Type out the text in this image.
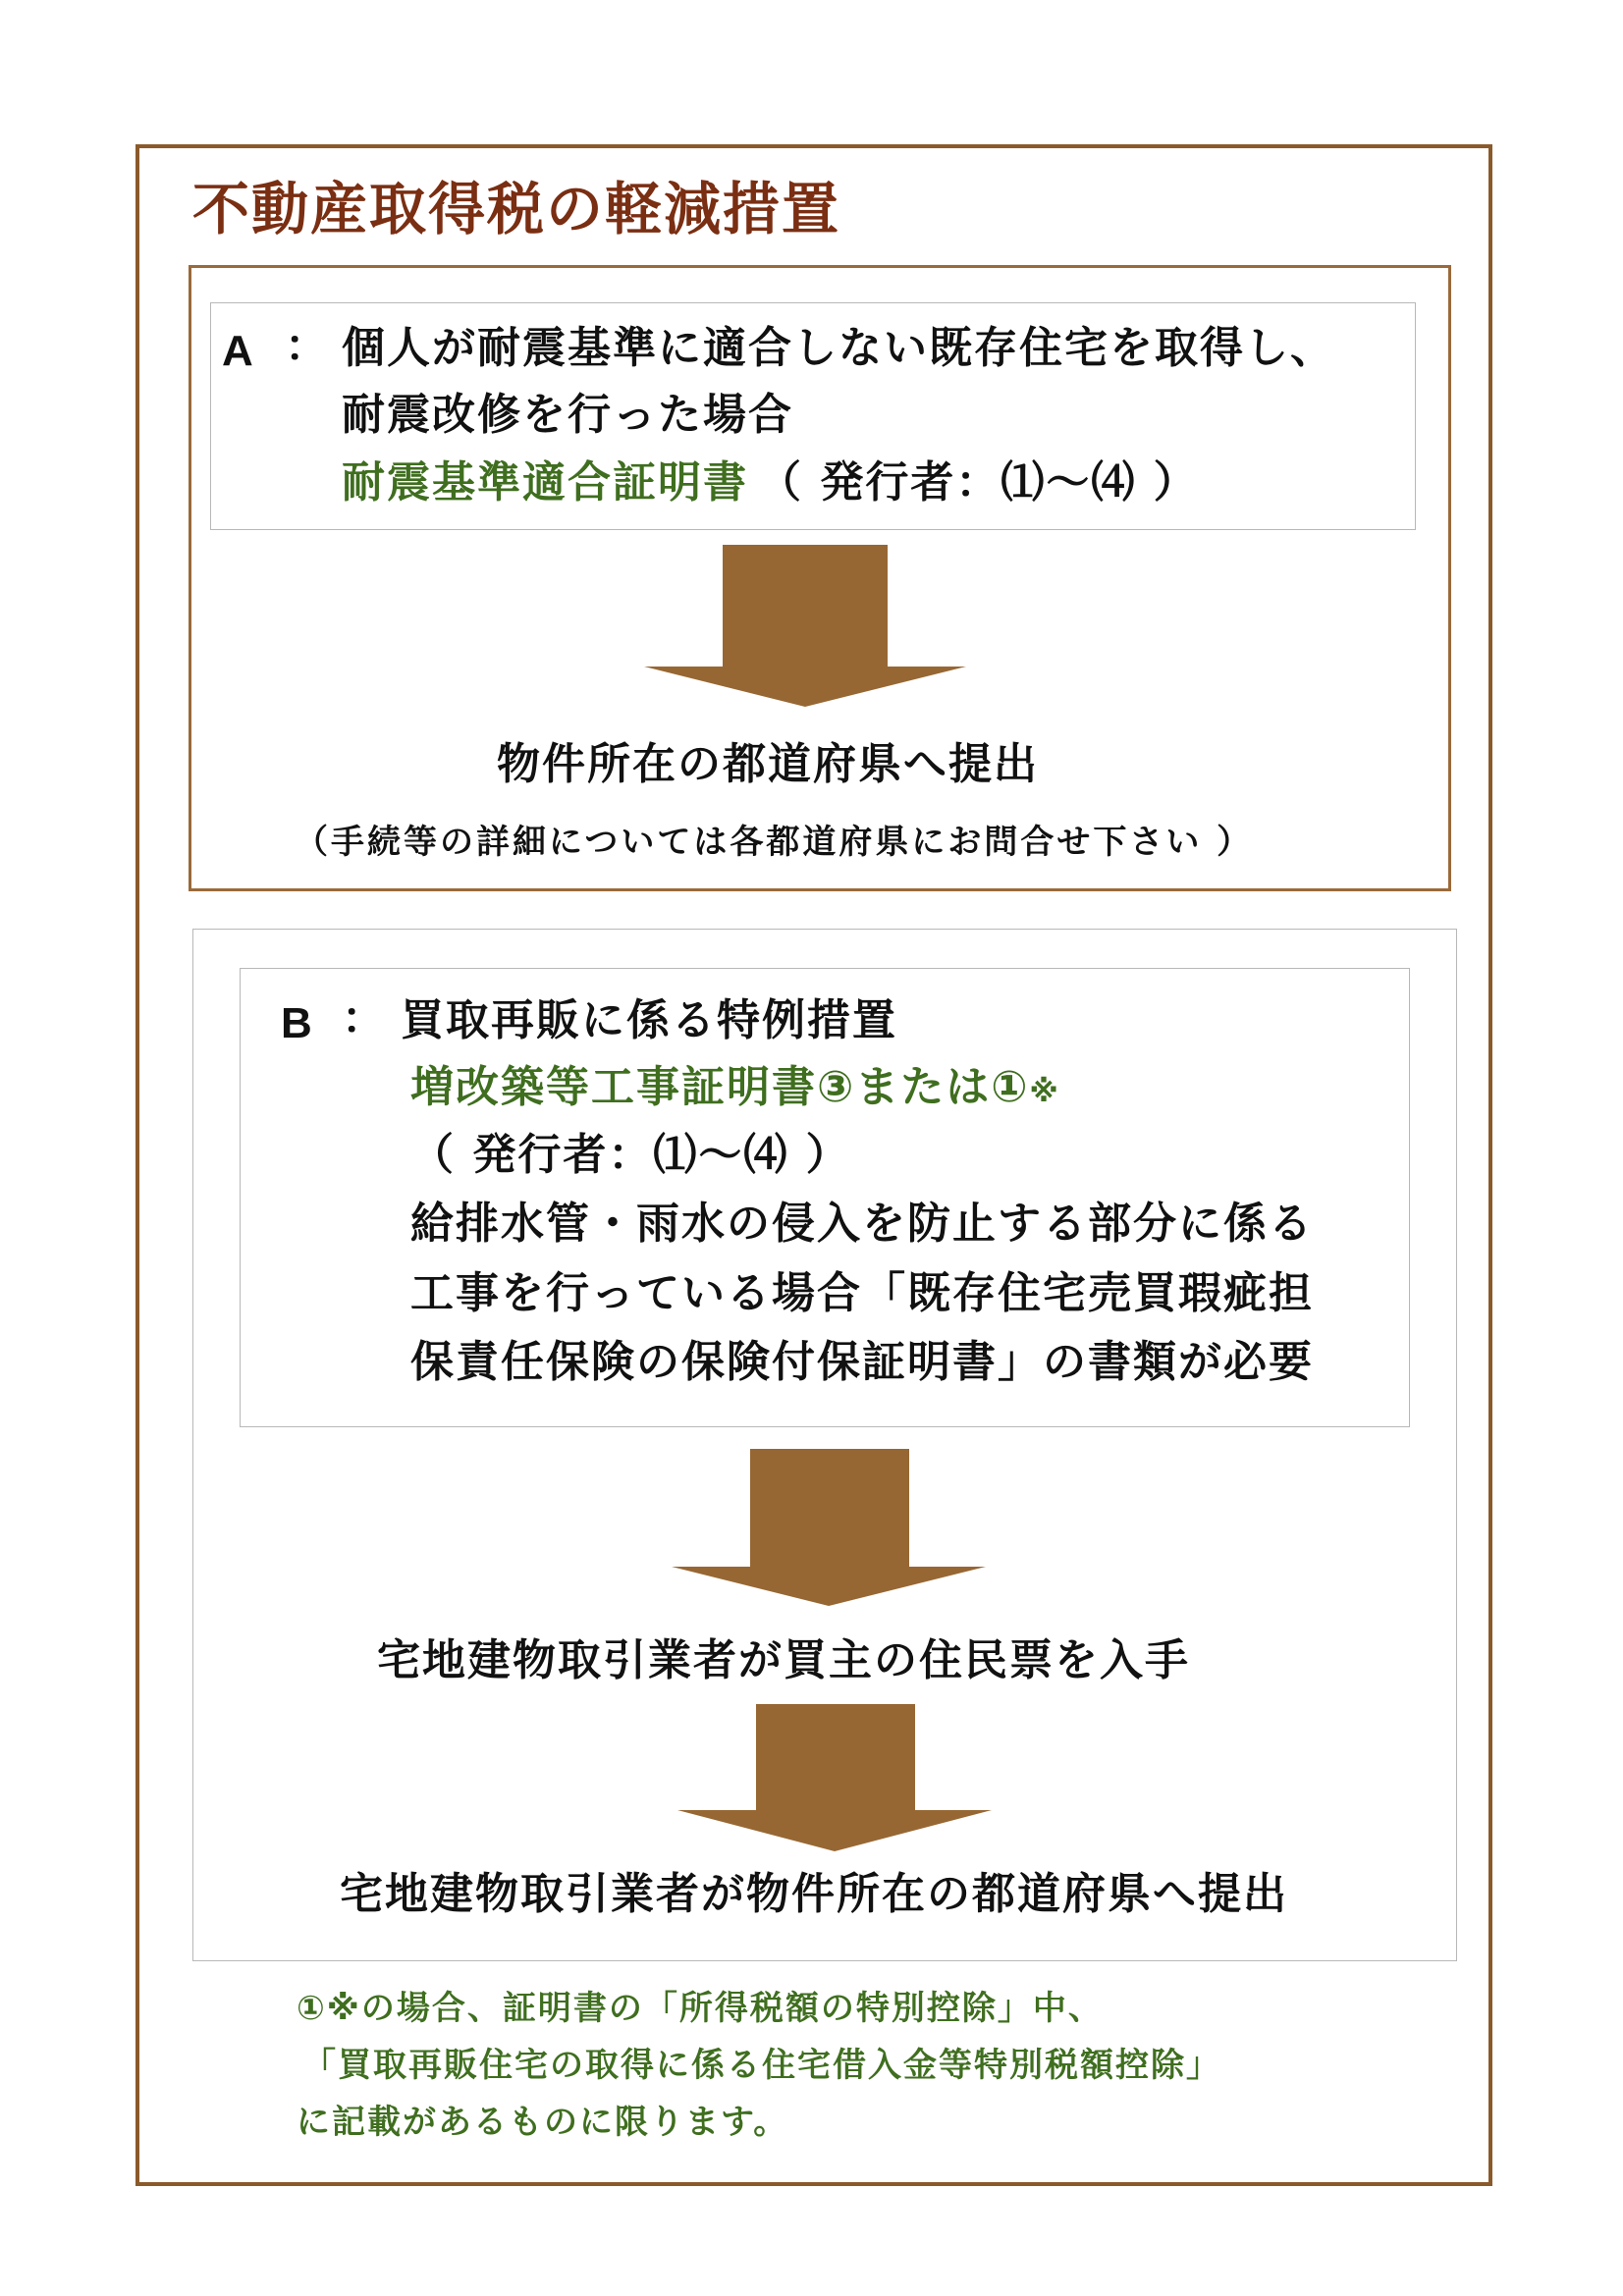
不動産取得税の軽減措置
A ： 個人が耐震基準に適合しない既存住宅を取得し、
耐震改修を行った場合
耐震基準適合証明書 （ 発行者：⑴～⑷ ）
物件所在の都道府県へ提出
（手続等の詳細については各都道府県にお問合せ下さい ）
B ： 買取再販に係る特例措置
増改築等工事証明書③または①※
（ 発行者：⑴～⑷ ）
給排水管・雨水の侵入を防止する部分に係る
工事を行っている場合「既存住宅売買瑕疵担
保責任保険の保険付保証明書」の書類が必要
宅地建物取引業者が買主の住民票を入手
宅地建物取引業者が物件所在の都道府県へ提出
①※の場合、証明書の「所得税額の特別控除」中、
「買取再販住宅の取得に係る住宅借入金等特別税額控除」
に記載があるものに限ります。
